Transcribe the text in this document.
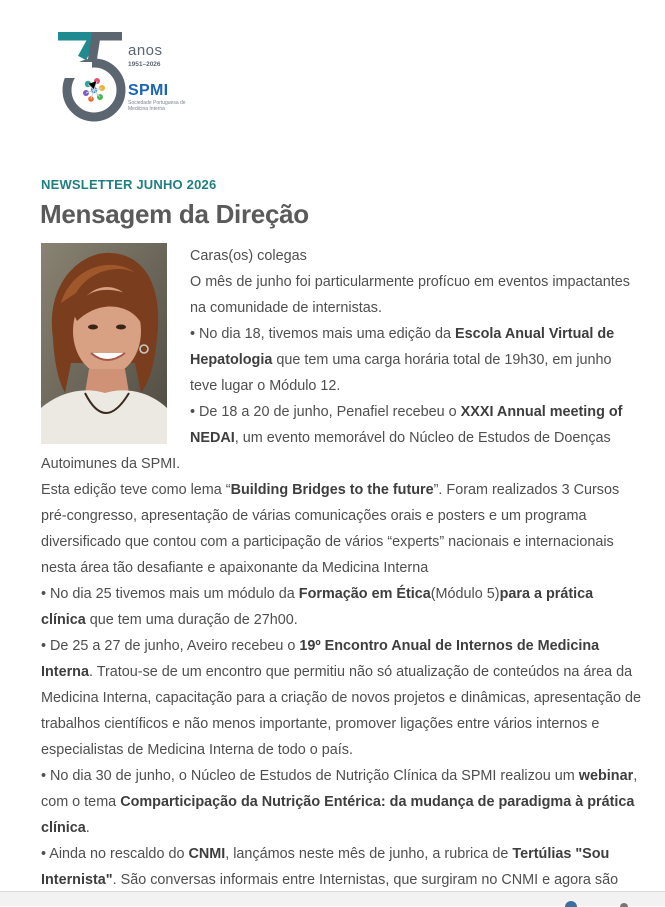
anos
1951–2026
SPMI
Sociedade Portuguesa de Medicina Interna
NEWSLETTER JUNHO 2026
Mensagem da Direção

Caras(os) colegas

O mês de junho foi particularmente profícuo em eventos impactantes na comunidade de internistas.

• No dia 18, tivemos mais uma edição da Escola Anual Virtual de Hepatologia que tem uma carga horária total de 19h30, em junho teve lugar o Módulo 12.

• De 18 a 20 de junho, Penafiel recebeu o XXXI Annual meeting of NEDAI, um evento memorável do Núcleo de Estudos de Doenças Autoimunes da SPMI.

Esta edição teve como lema “Building Bridges to the future”. Foram realizados 3 Cursos pré-congresso, apresentação de várias comunicações orais e posters e um programa diversificado que contou com a participação de vários “experts” nacionais e internacionais nesta área tão desafiante e apaixonante da Medicina Interna

• No dia 25 tivemos mais um módulo da Formação em Ética(Módulo 5)para a prática clínica que tem uma duração de 27h00.

• De 25 a 27 de junho, Aveiro recebeu o 19º Encontro Anual de Internos de Medicina Interna. Tratou-se de um encontro que permitiu não só atualização de conteúdos na área da Medicina Interna, capacitação para a criação de novos projetos e dinâmicas, apresentação de trabalhos científicos e não menos importante, promover ligações entre vários internos e especialistas de Medicina Interna de todo o país.

• No dia 30 de junho, o Núcleo de Estudos de Nutrição Clínica da SPMI realizou um webinar, com o tema Comparticipação da Nutrição Entérica: da mudança de paradigma à prática clínica.

• Ainda no rescaldo do CNMI, lançámos neste mês de junho, a rubrica de Tertúlias "Sou Internista". São conversas informais entre Internistas, que surgiram no CNMI e agora são
